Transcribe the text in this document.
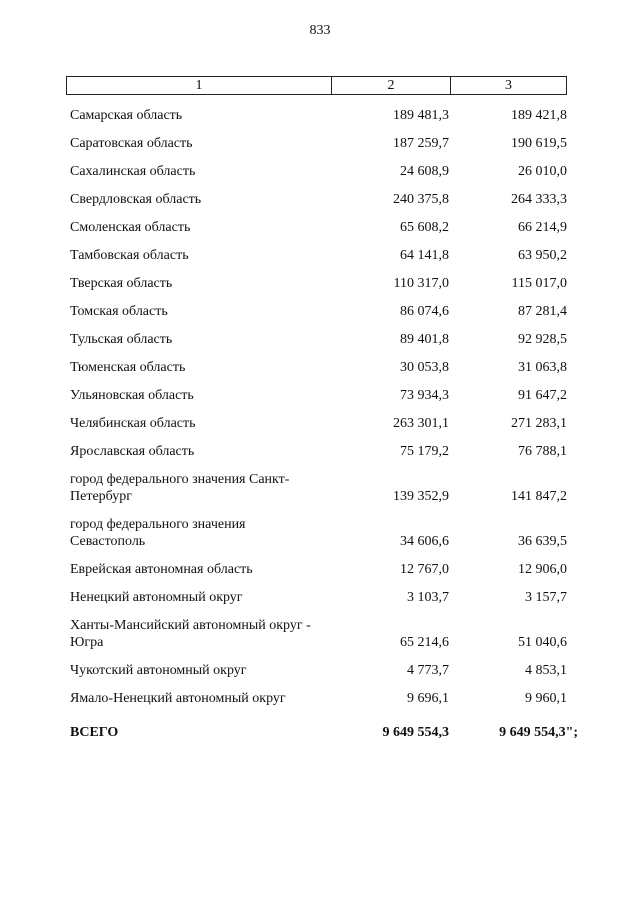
833
1	2	3
Самарская область	189 481,3	189 421,8
Саратовская область	187 259,7	190 619,5
Сахалинская область	24 608,9	26 010,0
Свердловская область	240 375,8	264 333,3
Смоленская область	65 608,2	66 214,9
Тамбовская область	64 141,8	63 950,2
Тверская область	110 317,0	115 017,0
Томская область	86 074,6	87 281,4
Тульская область	89 401,8	92 928,5
Тюменская область	30 053,8	31 063,8
Ульяновская область	73 934,3	91 647,2
Челябинская область	263 301,1	271 283,1
Ярославская область	75 179,2	76 788,1
город федерального значения Санкт-Петербург	139 352,9	141 847,2
город федерального значения Севастополь	34 606,6	36 639,5
Еврейская автономная область	12 767,0	12 906,0
Ненецкий автономный округ	3 103,7	3 157,7
Ханты-Мансийский автономный округ - Югра	65 214,6	51 040,6
Чукотский автономный округ	4 773,7	4 853,1
Ямало-Ненецкий автономный округ	9 696,1	9 960,1
ВСЕГО	9 649 554,3	9 649 554,3";
